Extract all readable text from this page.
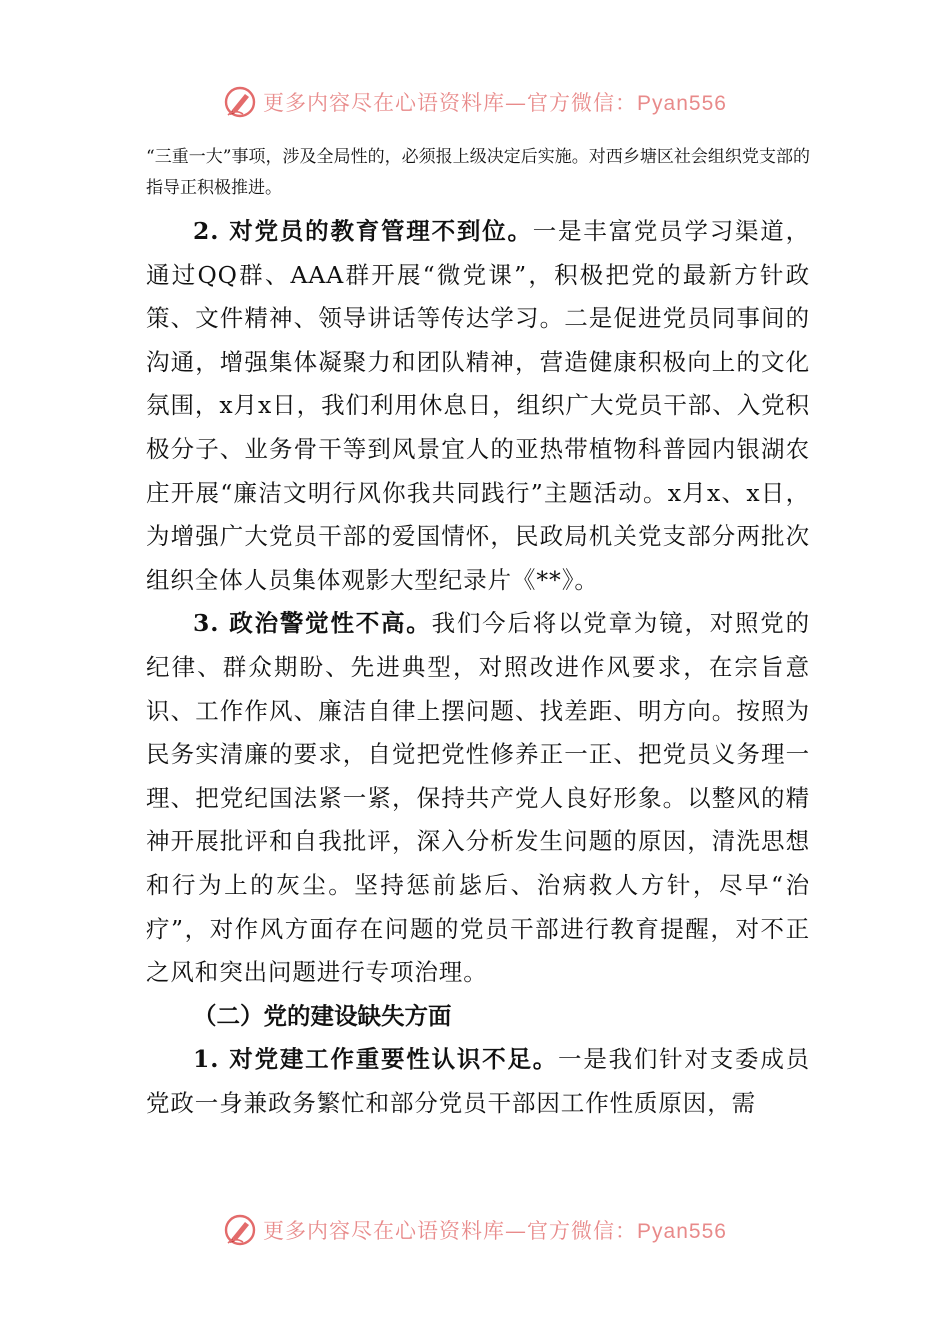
更多内容尽在心语资料库—官方微信：Pyan556

“三重一大”事项，涉及全局性的，必须报上级决定后实施。对西乡塘区社会组织党支部的指导正积极推进。

2. 对党员的教育管理不到位。一是丰富党员学习渠道，通过QQ群、AAA群开展“微党课”，积极把党的最新方针政策、文件精神、领导讲话等传达学习。二是促进党员同事间的沟通，增强集体凝聚力和团队精神，营造健康积极向上的文化氛围，x月x日，我们利用休息日，组织广大党员干部、入党积极分子、业务骨干等到风景宜人的亚热带植物科普园内银湖农庄开展“廉洁文明行风你我共同践行”主题活动。x月x、x日，为增强广大党员干部的爱国情怀，民政局机关党支部分两批次组织全体人员集体观影大型纪录片《**》。

3. 政治警觉性不高。我们今后将以党章为镜，对照党的纪律、群众期盼、先进典型，对照改进作风要求，在宗旨意识、工作作风、廉洁自律上摆问题、找差距、明方向。按照为民务实清廉的要求，自觉把党性修养正一正、把党员义务理一理、把党纪国法紧一紧，保持共产党人良好形象。以整风的精神开展批评和自我批评，深入分析发生问题的原因，清洗思想和行为上的灰尘。坚持惩前毖后、治病救人方针，尽早“治疗”，对作风方面存在问题的党员干部进行教育提醒，对不正之风和突出问题进行专项治理。

（二）党的建设缺失方面

1. 对党建工作重要性认识不足。一是我们针对支委成员党政一身兼政务繁忙和部分党员干部因工作性质原因，需

更多内容尽在心语资料库—官方微信：Pyan556
